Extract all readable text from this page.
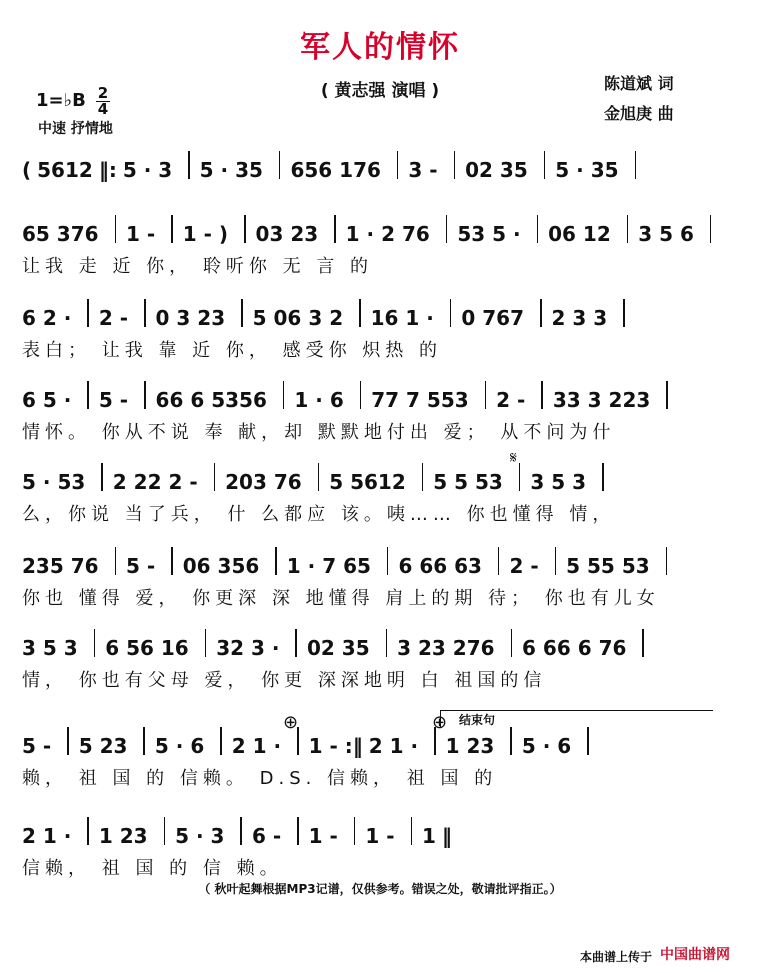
军人的情怀
( 黄志强 演唱 )
1=♭B 2
4
中速 抒情地
陈道斌 词
金旭庚 曲
( 5612 ‖: 5 · 3 5 · 35 656 176 3 - 02 35 5 · 35
65 376 1 - 1 - ) 03 23 1 · 2 76 53 5 · 06 12 3 5 6
让我 走 近 你， 聆听你 无 言 的
6 2 · 2 - 0 3 23 5 06 3 2 16 1 · 0 767 2 3 3
表白； 让我 靠 近 你， 感受你 炽热 的
6 5 · 5 - 66 6 5356 1 · 6 77 7 553 2 - 33 3 223
情怀。 你从不说 奉 献，却 默默地付出 爱； 从不问为什
5 · 53 2 22 2 - 203 76 5 5612 5 5 53 3 5 3
么，你说 当了兵， 什 么都应 该。咦…… 你也懂得 情，
235 76 5 - 06 356 1 · 7 65 6 66 63 2 - 5 55 53
你也 懂得 爱， 你更深 深 地懂得 肩上的期 待； 你也有儿女
3 5 3 6 56 16 32 3 · 02 35 3 23 276 6 66 6 76
情， 你也有父母 爱， 你更 深深地明 白 祖国的信
5 - 5 23 5 · 6 2 1 · 1 - :‖ 2 1 · 1 23 5 · 6
赖， 祖 国 的 信赖。 D.S. 信赖， 祖 国 的
2 1 · 1 23 5 · 3 6 - 1 - 1 - 1 ‖
信赖， 祖 国 的 信 赖。
⊕	⊕ 结束句
𝄋
（ 秋叶起舞根据MP3记谱，仅供参考。错误之处，敬请批评指正。）
本曲谱上传于 中国曲谱网
